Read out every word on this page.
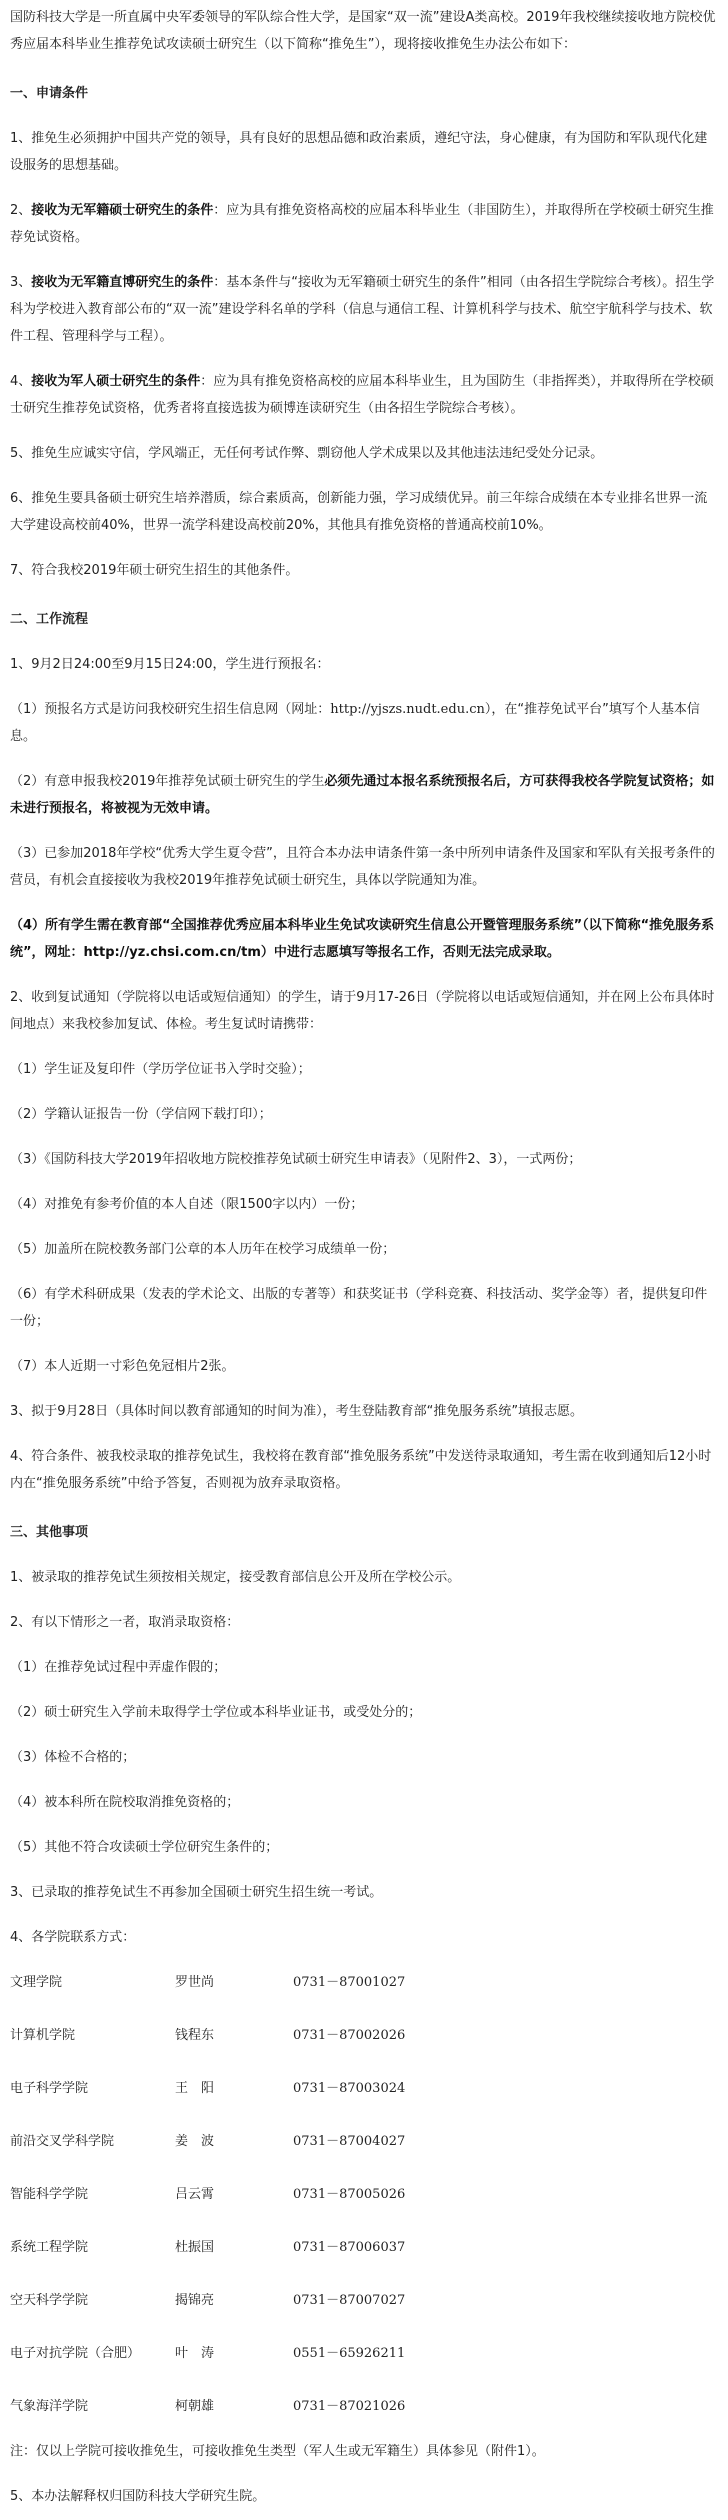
国防科技大学是一所直属中央军委领导的军队综合性大学，是国家“双一流”建设A类高校。2019年我校继续接收地方院校优秀应届本科毕业生推荐免试攻读硕士研究生（以下简称“推免生”），现将接收推免生办法公布如下：

一、申请条件

1、推免生必须拥护中国共产党的领导，具有良好的思想品德和政治素质，遵纪守法，身心健康，有为国防和军队现代化建设服务的思想基础。

2、接收为无军籍硕士研究生的条件：应为具有推免资格高校的应届本科毕业生（非国防生），并取得所在学校硕士研究生推荐免试资格。

3、接收为无军籍直博研究生的条件：基本条件与“接收为无军籍硕士研究生的条件”相同（由各招生学院综合考核）。招生学科为学校进入教育部公布的“双一流”建设学科名单的学科（信息与通信工程、计算机科学与技术、航空宇航科学与技术、软件工程、管理科学与工程）。

4、接收为军人硕士研究生的条件：应为具有推免资格高校的应届本科毕业生，且为国防生（非指挥类），并取得所在学校硕士研究生推荐免试资格，优秀者将直接选拔为硕博连读研究生（由各招生学院综合考核）。

5、推免生应诚实守信，学风端正，无任何考试作弊、剽窃他人学术成果以及其他违法违纪受处分记录。

6、推免生要具备硕士研究生培养潜质，综合素质高，创新能力强，学习成绩优异。前三年综合成绩在本专业排名世界一流大学建设高校前40%，世界一流学科建设高校前20%，其他具有推免资格的普通高校前10%。

7、符合我校2019年硕士研究生招生的其他条件。

二、工作流程

1、9月2日24:00至9月15日24:00，学生进行预报名：

（1）预报名方式是访问我校研究生招生信息网（网址：http://yjszs.nudt.edu.cn），在“推荐免试平台”填写个人基本信息。

（2）有意申报我校2019年推荐免试硕士研究生的学生必须先通过本报名系统预报名后，方可获得我校各学院复试资格；如未进行预报名，将被视为无效申请。

（3）已参加2018年学校“优秀大学生夏令营”，且符合本办法申请条件第一条中所列申请条件及国家和军队有关报考条件的营员，有机会直接接收为我校2019年推荐免试硕士研究生，具体以学院通知为准。

（4）所有学生需在教育部“全国推荐优秀应届本科毕业生免试攻读研究生信息公开暨管理服务系统”（以下简称“推免服务系统”，网址：http://yz.chsi.com.cn/tm）中进行志愿填写等报名工作，否则无法完成录取。

2、收到复试通知（学院将以电话或短信通知）的学生，请于9月17-26日（学院将以电话或短信通知，并在网上公布具体时间地点）来我校参加复试、体检。考生复试时请携带：

（1）学生证及复印件（学历学位证书入学时交验）；

（2）学籍认证报告一份（学信网下载打印）；

（3）《国防科技大学2019年招收地方院校推荐免试硕士研究生申请表》（见附件2、3），一式两份；

（4）对推免有参考价值的本人自述（限1500字以内）一份；

（5）加盖所在院校教务部门公章的本人历年在校学习成绩单一份；

（6）有学术科研成果（发表的学术论文、出版的专著等）和获奖证书（学科竞赛、科技活动、奖学金等）者，提供复印件一份；

（7）本人近期一寸彩色免冠相片2张。

3、拟于9月28日（具体时间以教育部通知的时间为准），考生登陆教育部“推免服务系统”填报志愿。

4、符合条件、被我校录取的推荐免试生，我校将在教育部“推免服务系统”中发送待录取通知，考生需在收到通知后12小时内在“推免服务系统”中给予答复，否则视为放弃录取资格。

三、其他事项

1、被录取的推荐免试生须按相关规定，接受教育部信息公开及所在学校公示。

2、有以下情形之一者，取消录取资格：

（1）在推荐免试过程中弄虚作假的；

（2）硕士研究生入学前未取得学士学位或本科毕业证书，或受处分的；

（3）体检不合格的；

（4）被本科所在院校取消推免资格的；

（5）其他不符合攻读硕士学位研究生条件的；

3、已录取的推荐免试生不再参加全国硕士研究生招生统一考试。

4、各学院联系方式：

文理学院	罗世尚	0731－87001027
计算机学院	钱程东	0731－87002026
电子科学学院	王　阳	0731－87003024
前沿交叉学科学院	姜　波	0731－87004027
智能科学学院	吕云霄	0731－87005026
系统工程学院	杜振国	0731－87006037
空天科学学院	揭锦亮	0731－87007027
电子对抗学院（合肥）	叶　涛	0551－65926211
气象海洋学院	柯朝雄	0731－87021026

注：仅以上学院可接收推免生，可接收推免生类型（军人生或无军籍生）具体参见（附件1）。

5、本办法解释权归国防科技大学研究生院。
